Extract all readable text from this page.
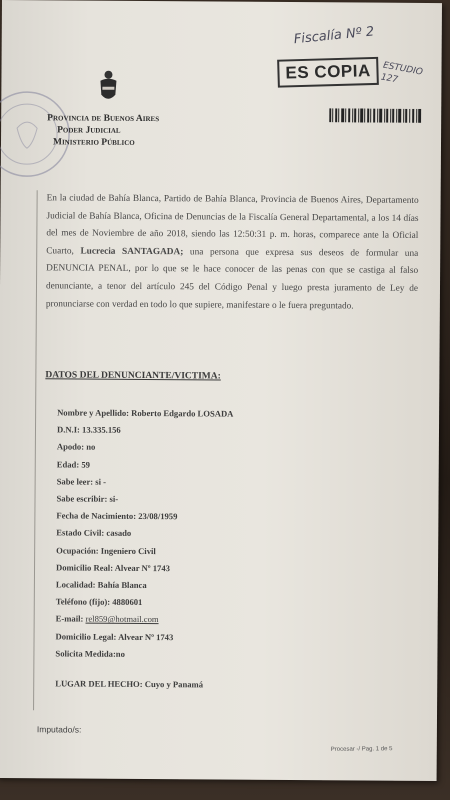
Fiscalía Nº 2
ESTUDIO 127
ES COPIA
Provincia de Buenos Aires
Poder Judicial
Ministerio Público
En la ciudad de Bahía Blanca, Partido de Bahía Blanca, Provincia de Buenos Aires, Departamento Judicial de Bahía Blanca, Oficina de Denuncias de la Fiscalía General Departamental, a los 14 días del mes de Noviembre de año 2018, siendo las 12:50:31 p. m. horas, comparece ante la Oficial Cuarto, Lucrecia SANTAGADA; una persona que expresa sus deseos de formular una DENUNCIA PENAL, por lo que se le hace conocer de las penas con que se castiga al falso denunciante, a tenor del artículo 245 del Código Penal y luego presta juramento de Ley de pronunciarse con verdad en todo lo que supiere, manifestare o le fuera preguntado.
DATOS DEL DENUNCIANTE/VICTIMA:
Nombre y Apellido: Roberto Edgardo LOSADA
D.N.I: 13.335.156
Apodo: no
Edad: 59
Sabe leer: si -
Sabe escribir: si-
Fecha de Nacimiento: 23/08/1959
Estado Civil: casado
Ocupación: Ingeniero Civil
Domicilio Real: Alvear Nº 1743
Localidad: Bahía Blanca
Teléfono (fijo): 4880601
E-mail: rel859@hotmail.com
Domicilio Legal: Alvear Nº 1743
Solicita Medida:no
LUGAR DEL HECHO: Cuyo y Panamá
Imputado/s:
Procesar -/ Pag. 1 de 5
